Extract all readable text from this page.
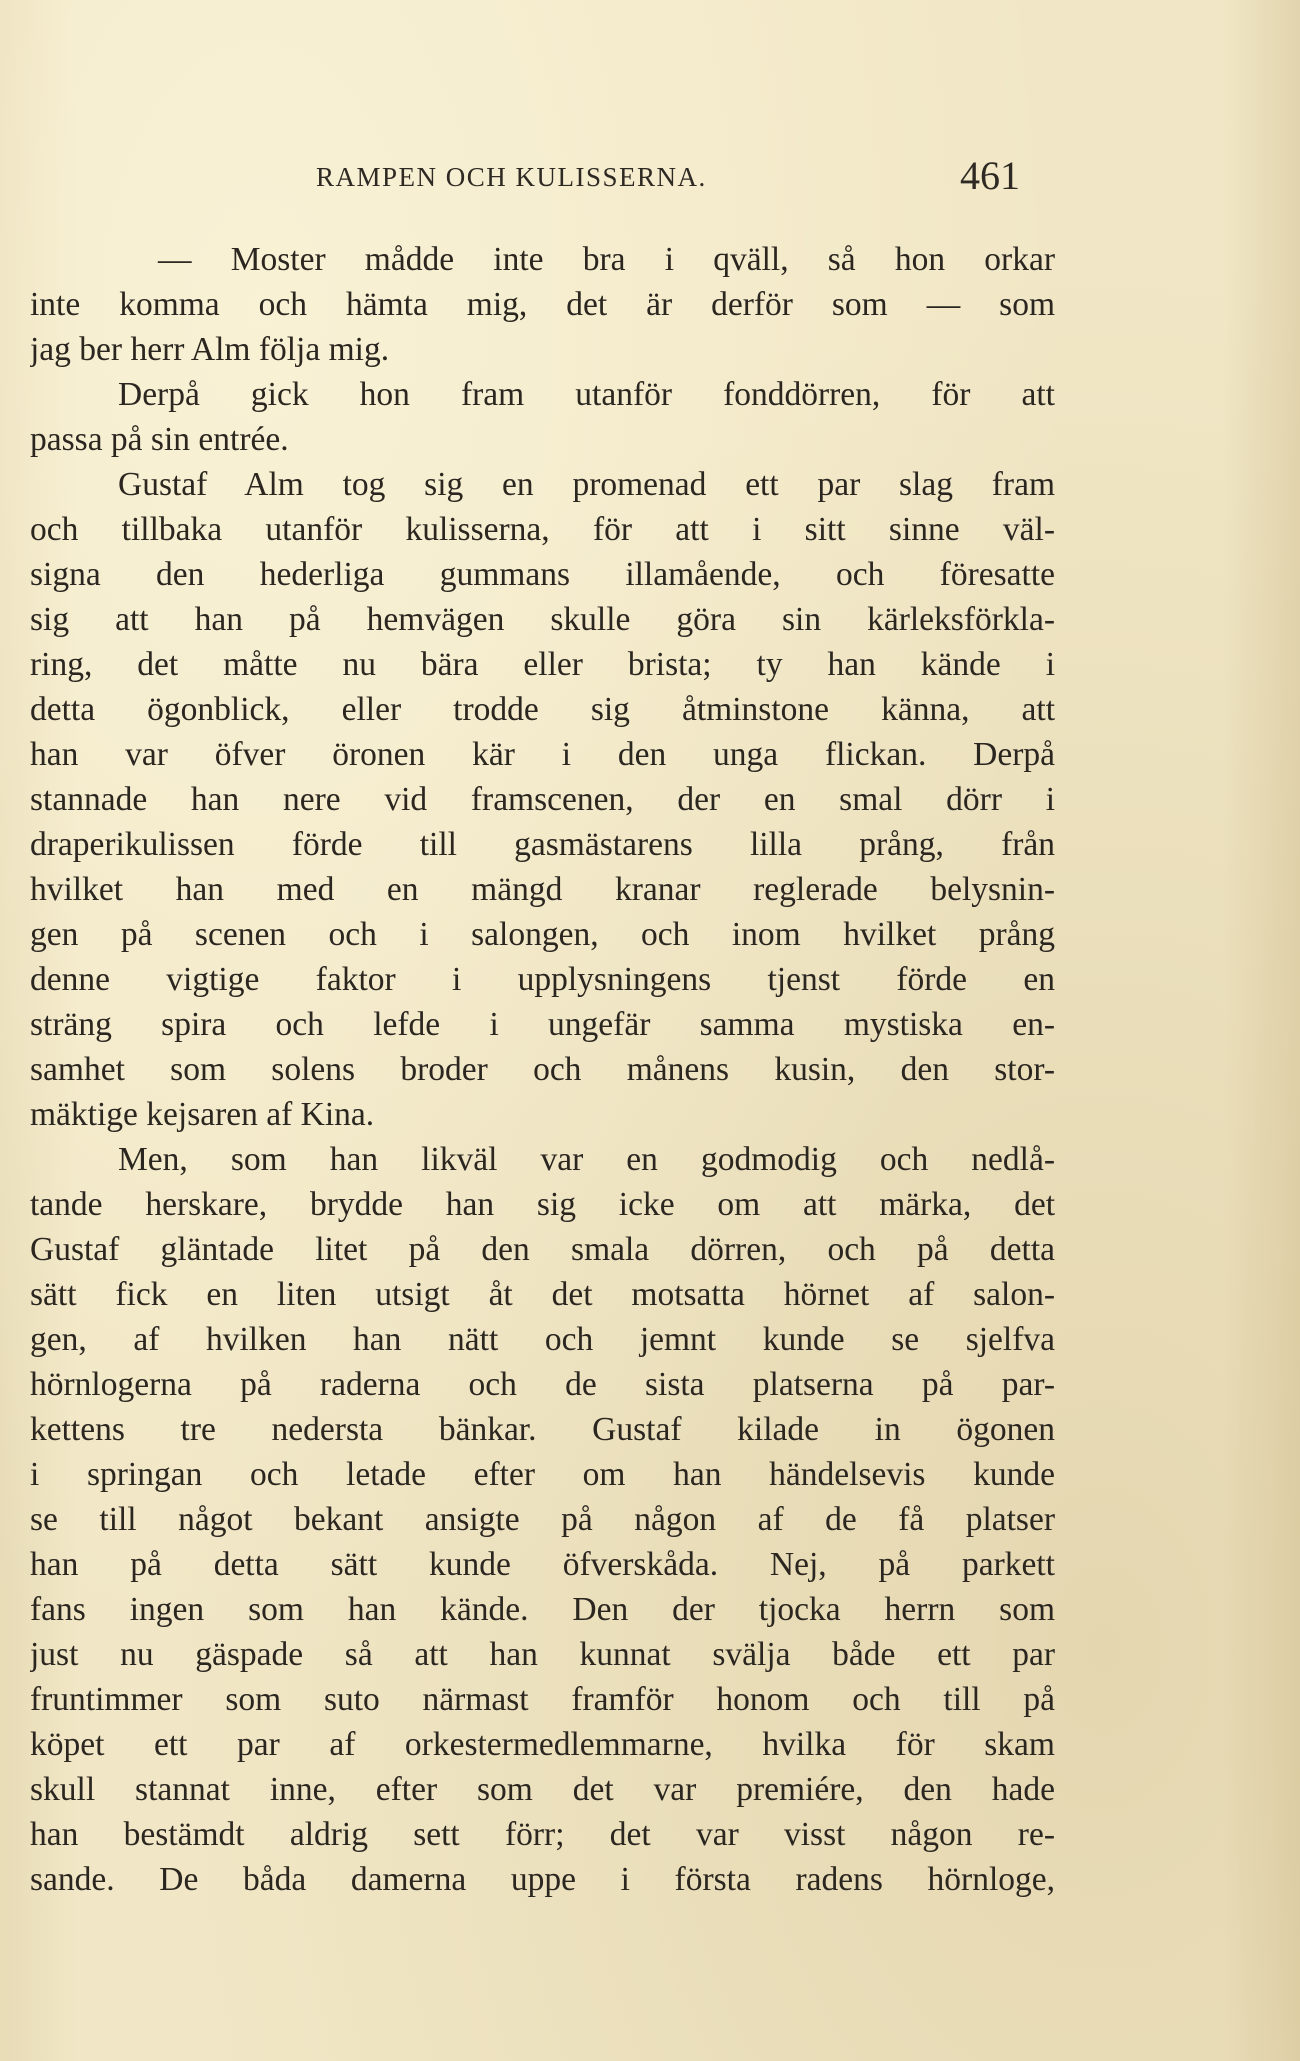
RAMPEN OCH KULISSERNA.	461
— Moster mådde inte bra i qväll, så hon orkar
inte komma och hämta mig, det är derför som — som
jag ber herr Alm följa mig.
Derpå gick hon fram utanför fonddörren, för att
passa på sin entrée.
Gustaf Alm tog sig en promenad ett par slag fram
och tillbaka utanför kulisserna, för att i sitt sinne väl-
signa den hederliga gummans illamående, och föresatte
sig att han på hemvägen skulle göra sin kärleksförkla-
ring, det måtte nu bära eller brista; ty han kände i
detta ögonblick, eller trodde sig åtminstone känna, att
han var öfver öronen kär i den unga flickan. Derpå
stannade han nere vid framscenen, der en smal dörr i
draperikulissen förde till gasmästarens lilla prång, från
hvilket han med en mängd kranar reglerade belysnin-
gen på scenen och i salongen, och inom hvilket prång
denne vigtige faktor i upplysningens tjenst förde en
sträng spira och lefde i ungefär samma mystiska en-
samhet som solens broder och månens kusin, den stor-
mäktige kejsaren af Kina.
Men, som han likväl var en godmodig och nedlå-
tande herskare, brydde han sig icke om att märka, det
Gustaf gläntade litet på den smala dörren, och på detta
sätt fick en liten utsigt åt det motsatta hörnet af salon-
gen, af hvilken han nätt och jemnt kunde se sjelfva
hörnlogerna på raderna och de sista platserna på par-
kettens tre nedersta bänkar. Gustaf kilade in ögonen
i springan och letade efter om han händelsevis kunde
se till något bekant ansigte på någon af de få platser
han på detta sätt kunde öfverskåda. Nej, på parkett
fans ingen som han kände. Den der tjocka herrn som
just nu gäspade så att han kunnat svälja både ett par
fruntimmer som suto närmast framför honom och till på
köpet ett par af orkestermedlemmarne, hvilka för skam
skull stannat inne, efter som det var premiére, den hade
han bestämdt aldrig sett förr; det var visst någon re-
sande. De båda damerna uppe i första radens hörnloge,
